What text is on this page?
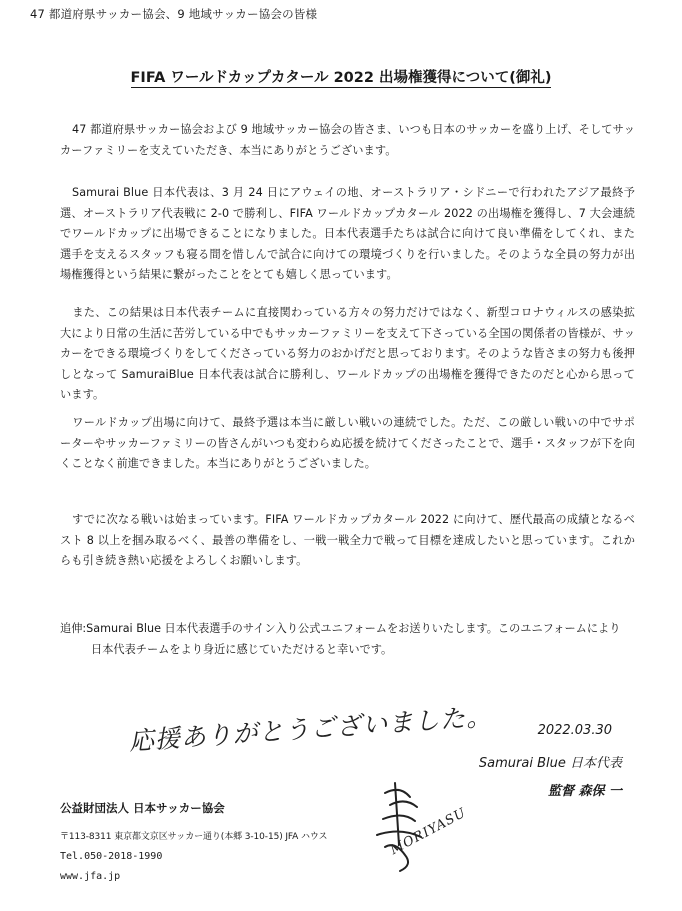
47 都道府県サッカー協会、9 地域サッカー協会の皆様
FIFA ワールドカップカタール 2022 出場権獲得について(御礼)

47 都道府県サッカー協会および 9 地域サッカー協会の皆さま、いつも日本のサッカーを盛り上げ、そしてサッカーファミリーを支えていただき、本当にありがとうございます。

Samurai Blue 日本代表は、3 月 24 日にアウェイの地、オーストラリア・シドニーで行われたアジア最終予選、オーストラリア代表戦に 2-0 で勝利し、FIFA ワールドカップカタール 2022 の出場権を獲得し、7 大会連続でワールドカップに出場できることになりました。日本代表選手たちは試合に向けて良い準備をしてくれ、また選手を支えるスタッフも寝る間を惜しんで試合に向けての環境づくりを行いました。そのような全員の努力が出場権獲得という結果に繋がったことをとても嬉しく思っています。

また、この結果は日本代表チームに直接関わっている方々の努力だけではなく、新型コロナウィルスの感染拡大により日常の生活に苦労している中でもサッカーファミリーを支えて下さっている全国の関係者の皆様が、サッカーをできる環境づくりをしてくださっている努力のおかげだと思っております。そのような皆さまの努力も後押しとなって SamuraiBlue 日本代表は試合に勝利し、ワールドカップの出場権を獲得できたのだと心から思っています。

ワールドカップ出場に向けて、最終予選は本当に厳しい戦いの連続でした。ただ、この厳しい戦いの中でサポーターやサッカーファミリーの皆さんがいつも変わらぬ応援を続けてくださったことで、選手・スタッフが下を向くことなく前進できました。本当にありがとうございました。

すでに次なる戦いは始まっています。FIFA ワールドカップカタール 2022 に向けて、歴代最高の成績となるベスト 8 以上を掴み取るべく、最善の準備をし、一戦一戦全力で戦って目標を達成したいと思っています。これからも引き続き熱い応援をよろしくお願いします。

追伸:Samurai Blue 日本代表選手のサイン入り公式ユニフォームをお送りいたします。このユニフォームにより
日本代表チームをより身近に感じていただけると幸いです。
応援ありがとうございました。	2022.03.30
Samurai Blue 日本代表
監督 森保 一
MORIYASU
公益財団法人 日本サッカー協会
〒113-8311 東京都文京区サッカー通り(本郷 3-10-15) JFA ハウス
Tel.050-2018-1990
www.jfa.jp
